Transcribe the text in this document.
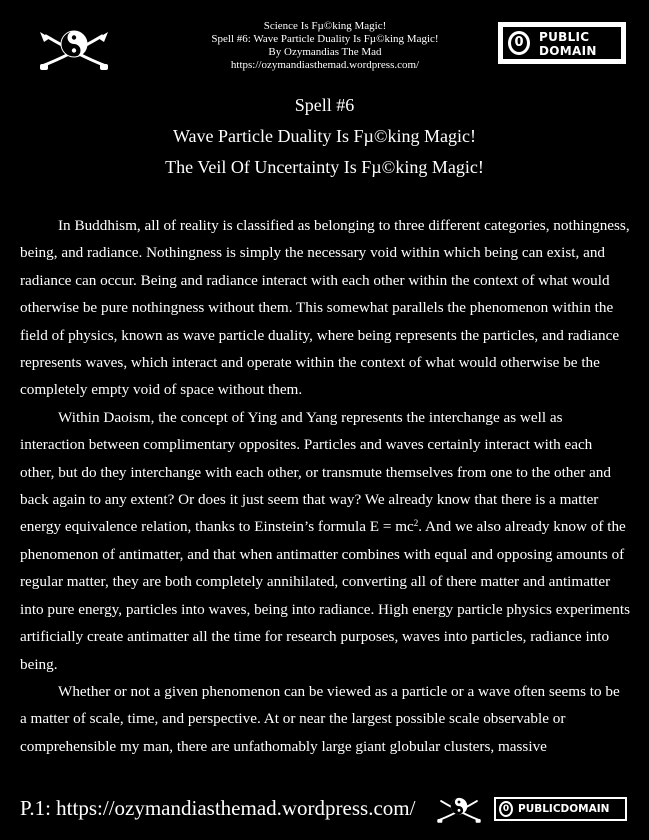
Science Is Fµ©king Magic!
Spell #6: Wave Particle Duality Is Fµ©king Magic!
By Ozymandias The Mad
https://ozymandiasthemad.wordpress.com/
0	PUBLIC
DOMAIN
Spell #6
Wave Particle Duality Is Fµ©king Magic!
The Veil Of Uncertainty Is Fµ©king Magic!

In Buddhism, all of reality is classified as belonging to three different categories, nothingness, being, and radiance. Nothingness is simply the necessary void within which being can exist, and radiance can occur. Being and radiance interact with each other within the context of what would otherwise be pure nothingness without them. This somewhat parallels the phenomenon within the field of physics, known as wave particle duality, where being represents the particles, and radiance represents waves, which interact and operate within the context of what would otherwise be the completely empty void of space without them.

Within Daoism, the concept of Ying and Yang represents the interchange as well as interaction between complimentary opposites. Particles and waves certainly interact with each other, but do they interchange with each other, or transmute themselves from one to the other and back again to any extent? Or does it just seem that way? We already know that there is a matter energy equivalence relation, thanks to Einstein’s formula $E = mc^2$. And we also already know of the phenomenon of antimatter, and that when antimatter combines with equal and opposing amounts of regular matter, they are both completely annihilated, converting all of there matter and antimatter into pure energy, particles into waves, being into radiance. High energy particle physics experiments artificially create antimatter all the time for research purposes, waves into particles, radiance into being.

Whether or not a given phenomenon can be viewed as a particle or a wave often seems to be a matter of scale, time, and perspective. At or near the largest possible scale observable or comprehensible my man, there are unfathomably large giant globular clusters, massive

P.1: https://ozymandiasthemad.wordpress.com/	0 PUBLICDOMAIN
